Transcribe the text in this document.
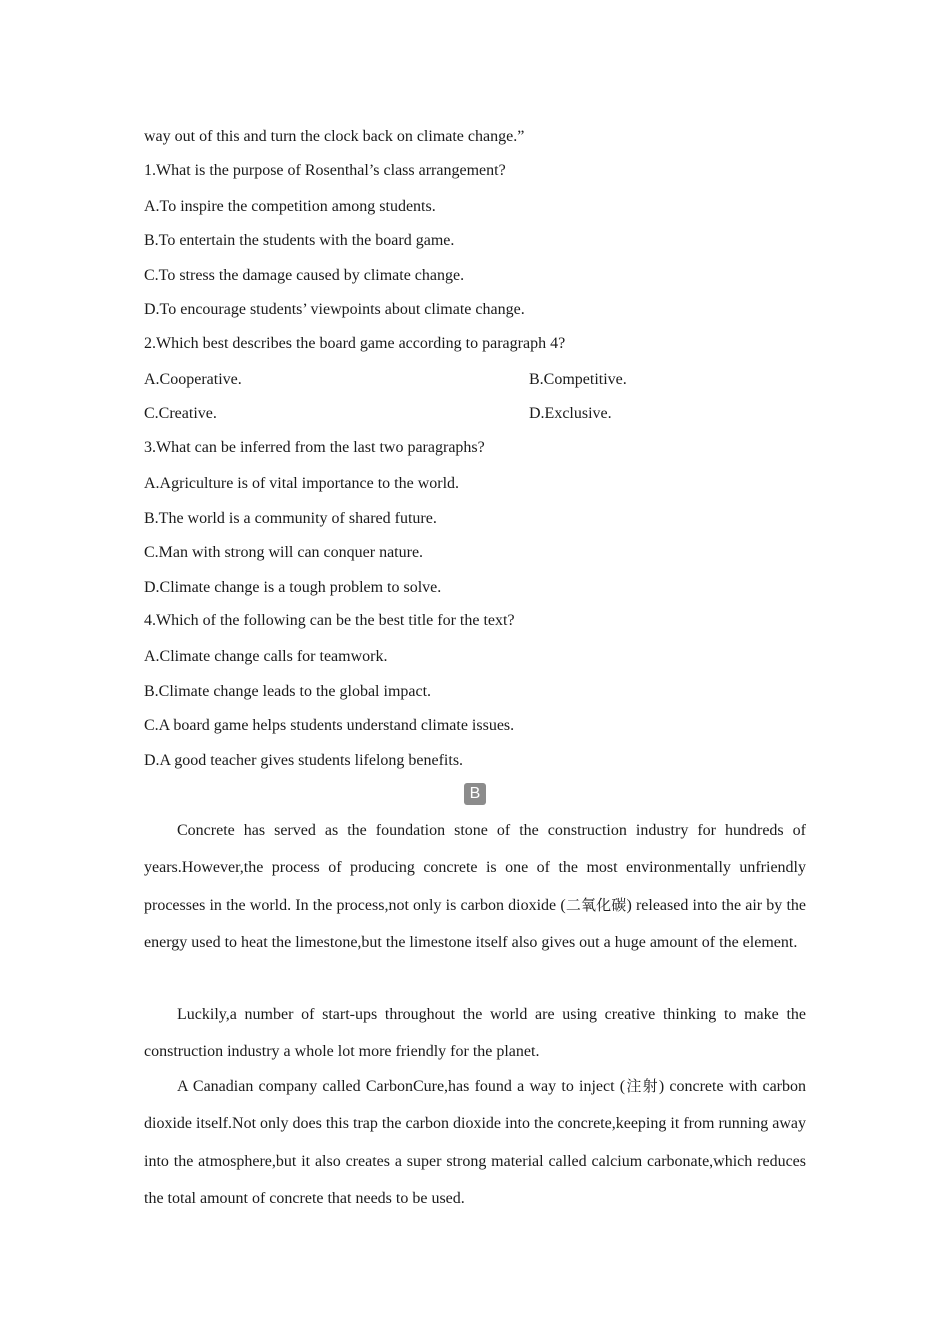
way out of this and turn the clock back on climate change.”
1.What is the purpose of Rosenthal’s class arrangement?
A.To inspire the competition among students.
B.To entertain the students with the board game.
C.To stress the damage caused by climate change.
D.To encourage students’ viewpoints about climate change.
2.Which best describes the board game according to paragraph 4?
A.Cooperative.	B.Competitive.
C.Creative.	D.Exclusive.
3.What can be inferred from the last two paragraphs?
A.Agriculture is of vital importance to the world.
B.The world is a community of shared future.
C.Man with strong will can conquer nature.
D.Climate change is a tough problem to solve.
4.Which of the following can be the best title for the text?
A.Climate change calls for teamwork.
B.Climate change leads to the global impact.
C.A board game helps students understand climate issues.
D.A good teacher gives students lifelong benefits.
B
Concrete has served as the foundation stone of the construction industry for hundreds of years.However,the process of producing concrete is one of the most environmentally unfriendly processes in the world. In the process,not only is carbon dioxide (二氧化碳) released into the air by the energy used to heat the limestone,but the limestone itself also gives out a huge amount of the element.
Luckily,a number of start-ups throughout the world are using creative thinking to make the construction industry a whole lot more friendly for the planet.
A Canadian company called CarbonCure,has found a way to inject (注射) concrete with carbon dioxide itself.Not only does this trap the carbon dioxide into the concrete,keeping it from running away into the atmosphere,but it also creates a super strong material called calcium carbonate,which reduces the total amount of concrete that needs to be used.
